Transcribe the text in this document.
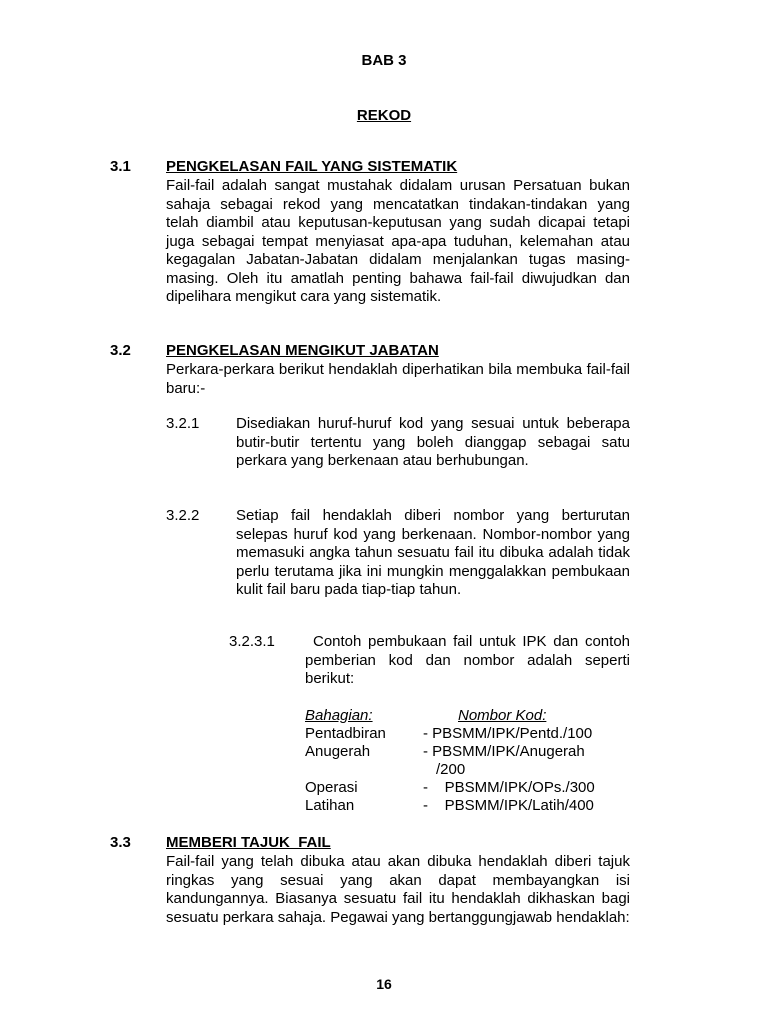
BAB 3
REKOD
3.1 PENGKELASAN FAIL YANG SISTEMATIK
Fail-fail adalah sangat mustahak didalam urusan Persatuan bukan sahaja sebagai rekod yang mencatatkan tindakan-tindakan yang telah diambil atau keputusan-keputusan yang sudah dicapai tetapi juga sebagai tempat menyiasat apa-apa tuduhan, kelemahan atau kegagalan Jabatan-Jabatan didalam menjalankan tugas masing-masing. Oleh itu amatlah penting bahawa fail-fail diwujudkan dan dipelihara mengikut cara yang sistematik.
3.2 PENGKELASAN MENGIKUT JABATAN
Perkara-perkara berikut hendaklah diperhatikan bila membuka fail-fail baru:-
3.2.1 Disediakan huruf-huruf kod yang sesuai untuk beberapa butir-butir tertentu yang boleh dianggap sebagai satu perkara yang berkenaan atau berhubungan.
3.2.2 Setiap fail hendaklah diberi nombor yang berturutan selepas huruf kod yang berkenaan. Nombor-nombor yang memasuki angka tahun sesuatu fail itu dibuka adalah tidak perlu terutama jika ini mungkin menggalakkan pembukaan kulit fail baru pada tiap-tiap tahun.
3.2.3.1	Contoh pembukaan fail untuk IPK dan contoh pemberian kod dan nombor adalah seperti berikut:
Bahagian:	Nombor Kod:
Pentadbiran - PBSMM/IPK/Pentd./100
Anugerah	- PBSMM/IPK/Anugerah
/200
Operasi	-    PBSMM/IPK/OPs./300
Latihan	-    PBSMM/IPK/Latih/400
3.3 MEMBERI TAJUK  FAIL
Fail-fail yang telah dibuka atau akan dibuka hendaklah diberi tajuk ringkas yang sesuai yang akan dapat membayangkan isi kandungannya. Biasanya sesuatu fail itu hendaklah dikhaskan bagi sesuatu perkara sahaja. Pegawai yang bertanggungjawab hendaklah:
16
